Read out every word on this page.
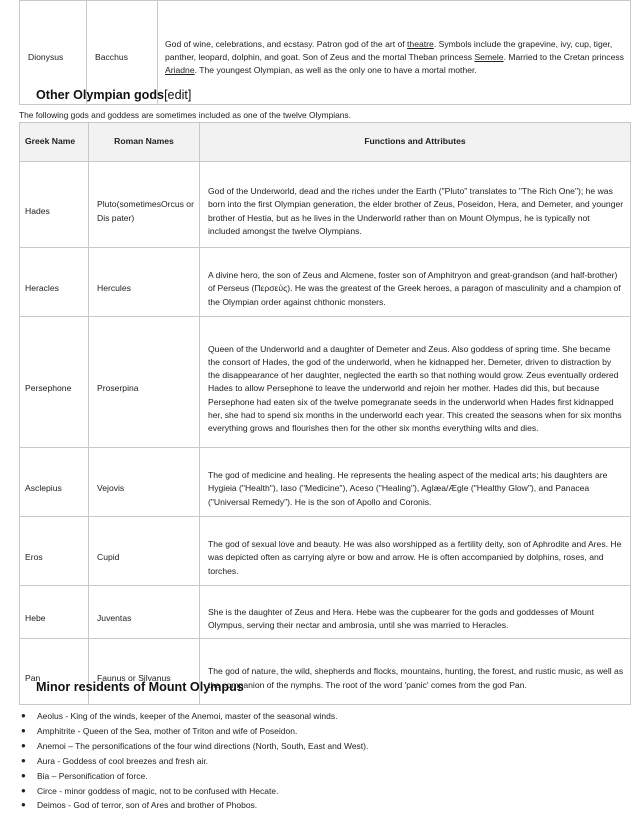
Dionysus	Bacchus	God of wine, celebrations, and ecstasy. Patron god of the art of theatre. Symbols include the grapevine, ivy, cup, tiger, panther, leopard, dolphin, and goat. Son of Zeus and the mortal Theban princess Semele. Married to the Cretan princess Ariadne. The youngest Olympian, as well as the only one to have a mortal mother.
Other Olympian gods[edit]

The following gods and goddess are sometimes included as one of the twelve Olympians.

Greek Name	Roman Names	Functions and Attributes
Hades	Pluto(sometimesOrcus or Dis pater)	God of the Underworld, dead and the riches under the Earth ("Pluto" translates to "The Rich One"); he was born into the first Olympian generation, the elder brother of Zeus, Poseidon, Hera, and Demeter, and younger brother of Hestia, but as he lives in the Underworld rather than on Mount Olympus, he is typically not included amongst the twelve Olympians.
Heracles	Hercules	A divine hero, the son of Zeus and Alcmene, foster son of Amphitryon and great-grandson (and half-brother) of Perseus (Περσεύς). He was the greatest of the Greek heroes, a paragon of masculinity and a champion of the Olympian order against chthonic monsters.
Persephone	Proserpina	Queen of the Underworld and a daughter of Demeter and Zeus. Also goddess of spring time. She became the consort of Hades, the god of the underworld, when he kidnapped her. Demeter, driven to distraction by the disappearance of her daughter, neglected the earth so that nothing would grow. Zeus eventually ordered Hades to allow Persephone to leave the underworld and rejoin her mother. Hades did this, but because Persephone had eaten six of the twelve pomegranate seeds in the underworld when Hades first kidnapped her, she had to spend six months in the underworld each year. This created the seasons when for six months everything grows and flourishes then for the other six months everything wilts and dies.
Asclepius	Vejovis	The god of medicine and healing. He represents the healing aspect of the medical arts; his daughters are Hygieia ("Health"), Iaso ("Medicine"), Aceso ("Healing"), Aglæa/Ægle ("Healthy Glow"), and Panacea ("Universal Remedy"). He is the son of Apollo and Coronis.
Eros	Cupid	The god of sexual love and beauty. He was also worshipped as a fertility deity, son of Aphrodite and Ares. He was depicted often as carrying alyre or bow and arrow. He is often accompanied by dolphins, roses, and torches.
Hebe	Juventas	She is the daughter of Zeus and Hera. Hebe was the cupbearer for the gods and goddesses of Mount Olympus, serving their nectar and ambrosia, until she was married to Heracles.
Pan	Faunus or Silvanus	The god of nature, the wild, shepherds and flocks, mountains, hunting, the forest, and rustic music, as well as the companion of the nymphs. The root of the word 'panic' comes from the god Pan.
Minor residents of Mount Olympus
● Aeolus - King of the winds, keeper of the Anemoi, master of the seasonal winds.
● Amphitrite - Queen of the Sea, mother of Triton and wife of Poseidon.
● Anemoi – The personifications of the four wind directions (North, South, East and West).
● Aura - Goddess of cool breezes and fresh air.
● Bia – Personification of force.
● Circe - minor goddess of magic, not to be confused with Hecate.
● Deimos - God of terror, son of Ares and brother of Phobos.
